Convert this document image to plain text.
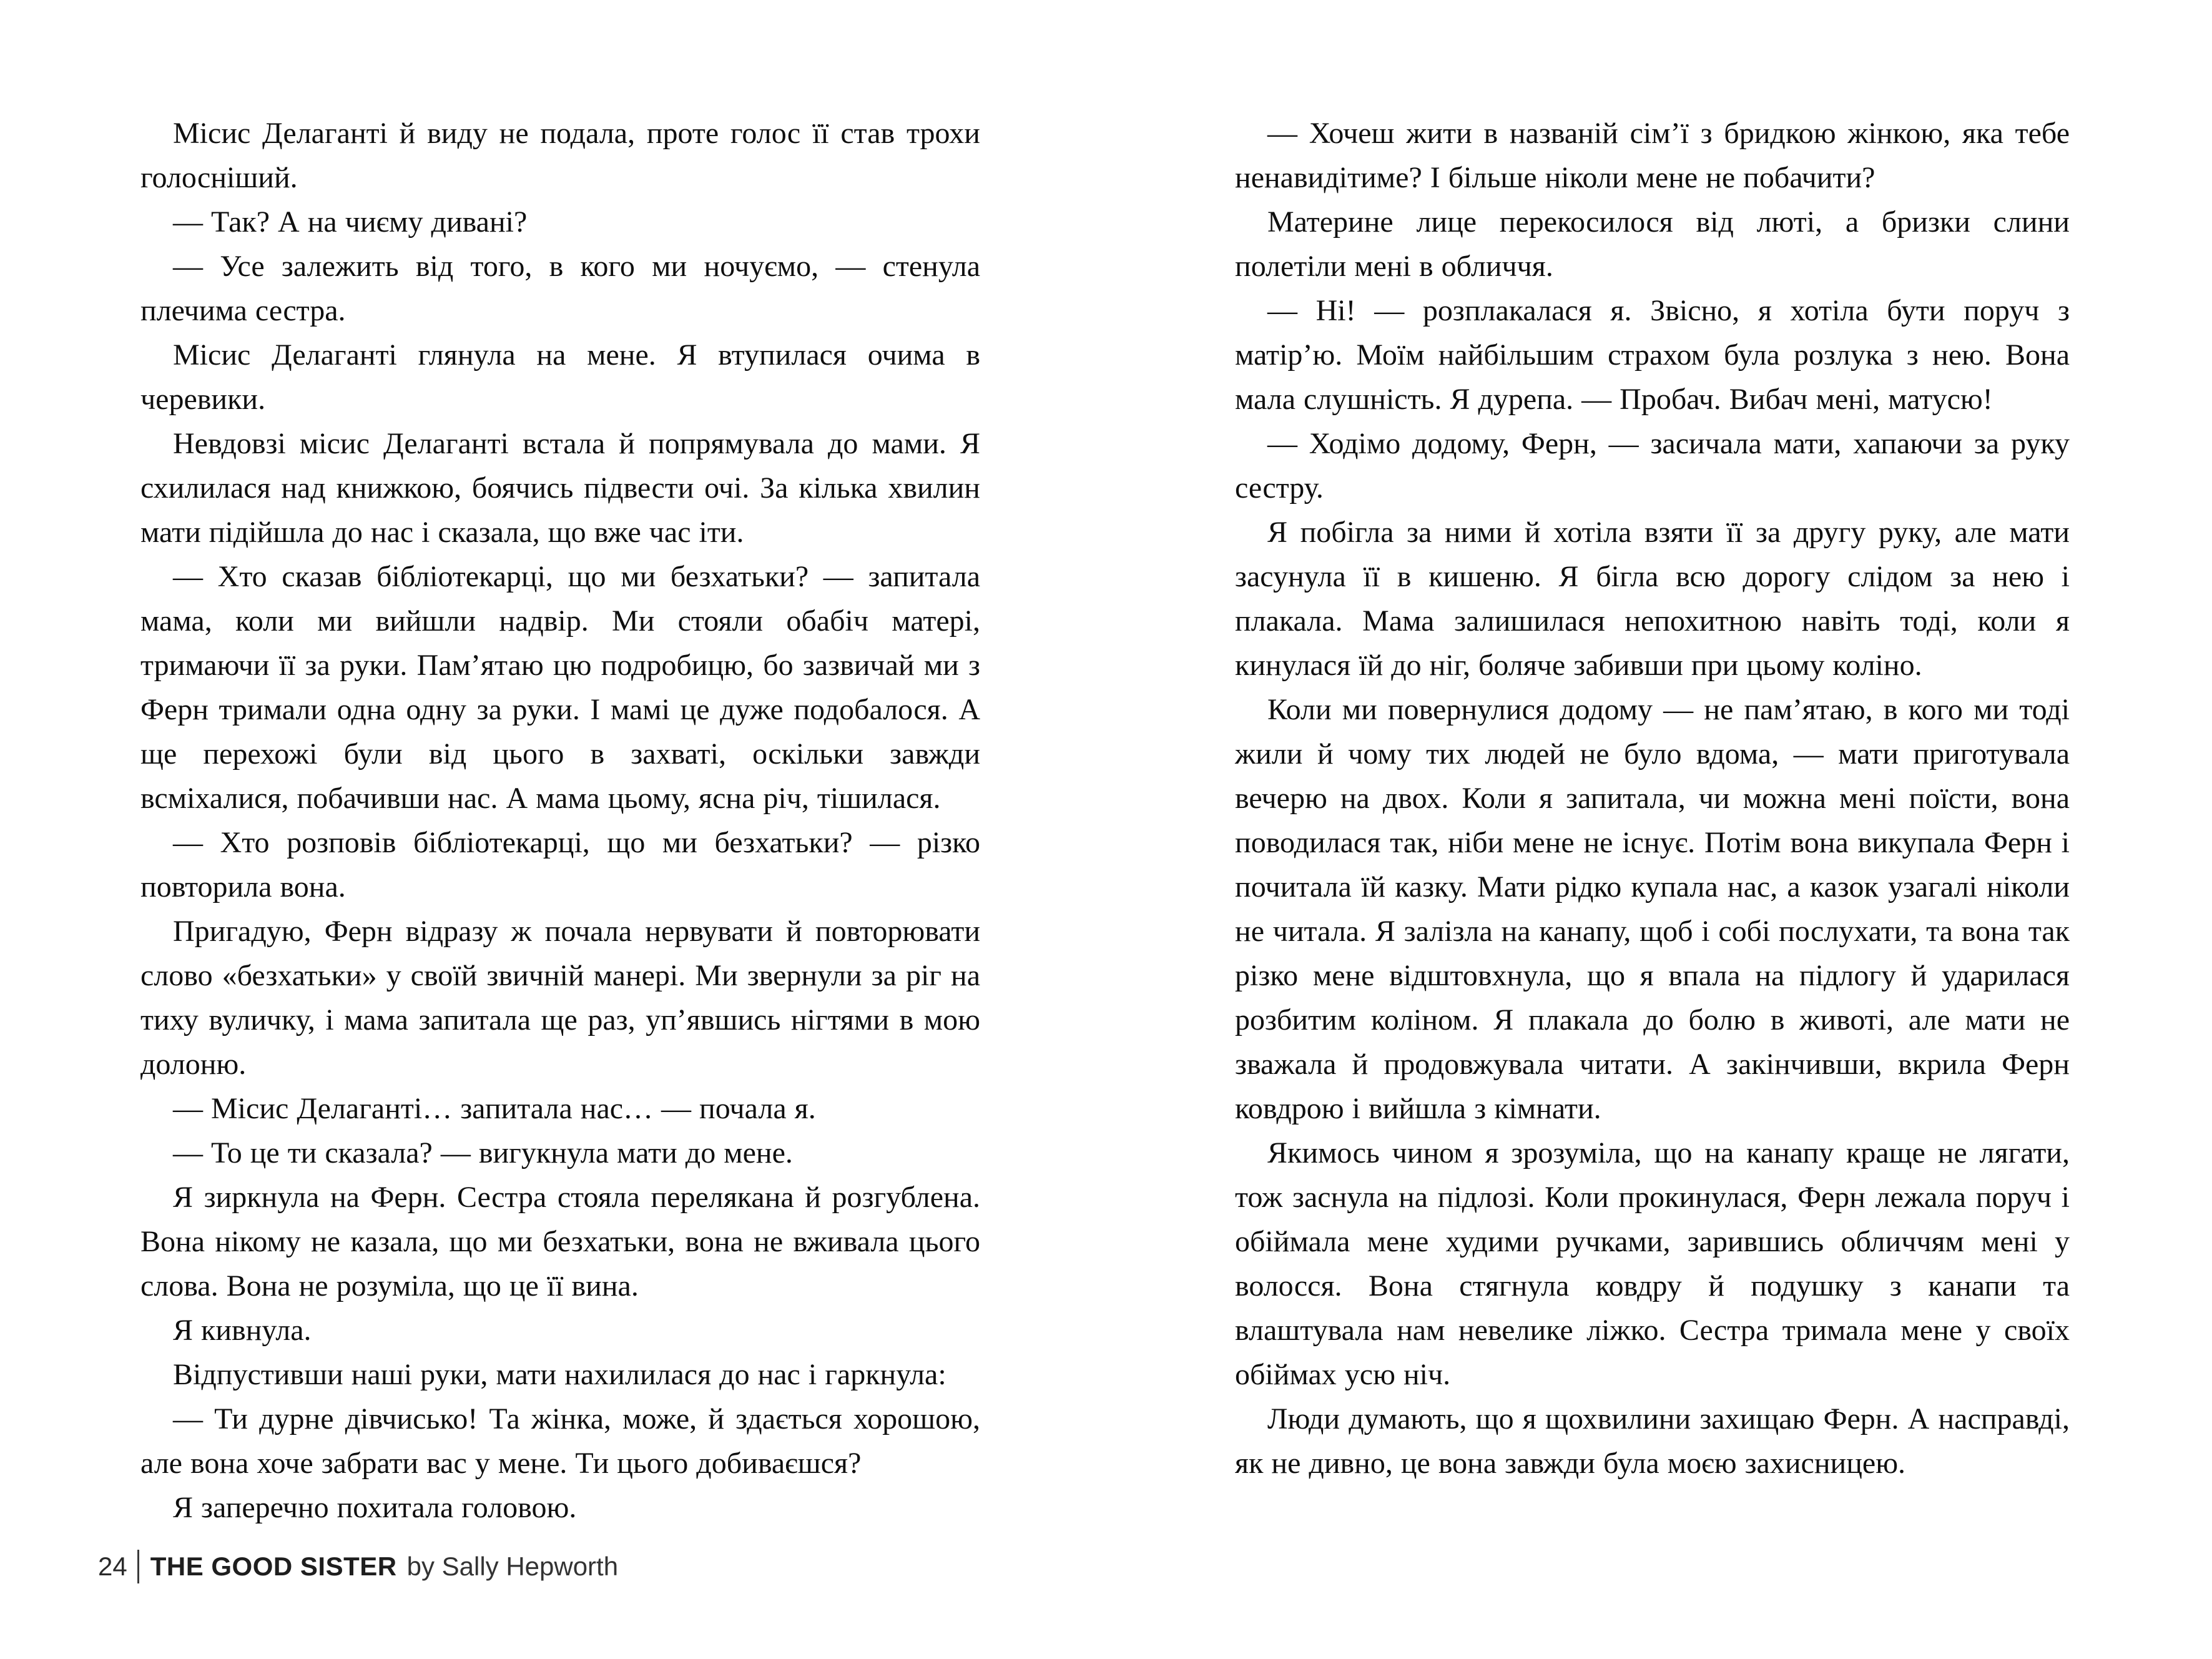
Місис Делаганті й виду не подала, проте голос її став трохи голосніший.

— Так? А на чиєму дивані?

— Усе залежить від того, в кого ми ночуємо, — стенула плечима сестра.

Місис Делаганті глянула на мене. Я втупилася очима в черевики.

Невдовзі місис Делаганті встала й попрямувала до мами. Я схилилася над книжкою, боячись підвести очі. За кілька хвилин мати підійшла до нас і сказала, що вже час іти.

— Хто сказав бібліотекарці, що ми безхатьки? — запитала мама, коли ми вийшли надвір. Ми стояли обабіч матері, тримаючи її за руки. Пам’ятаю цю подробицю, бо зазвичай ми з Ферн тримали одна одну за руки. І мамі це дуже подобалося. А ще перехожі були від цього в захваті, оскільки завжди всміхалися, побачивши нас. А мама цьому, ясна річ, тішилася.

— Хто розповів бібліотекарці, що ми безхатьки? — різко повторила вона.

Пригадую, Ферн відразу ж почала нервувати й повторювати слово «безхатьки» у своїй звичній манері. Ми звернули за ріг на тиху вуличку, і мама запитала ще раз, уп’явшись нігтями в мою долоню.

— Місис Делаганті… запитала нас… — почала я.

— То це ти сказала? — вигукнула мати до мене.

Я зиркнула на Ферн. Сестра стояла перелякана й розгублена. Вона нікому не казала, що ми безхатьки, вона не вживала цього слова. Вона не розуміла, що це її вина.

Я кивнула.

Відпустивши наші руки, мати нахилилася до нас і гаркнула:

— Ти дурне дівчисько! Та жінка, може, й здається хорошою, але вона хоче забрати вас у мене. Ти цього добиваєшся?

Я заперечно похитала головою.

— Хочеш жити в названій сім’ї з бридкою жінкою, яка тебе ненавидітиме? І більше ніколи мене не побачити?

Материне лице перекосилося від люті, а бризки слини полетіли мені в обличчя.

— Ні! — розплакалася я. Звісно, я хотіла бути поруч з матір’ю. Моїм найбільшим страхом була розлука з нею. Вона мала слушність. Я дурепа. — Пробач. Вибач мені, матусю!

— Ходімо додому, Ферн, — засичала мати, хапаючи за руку сестру.

Я побігла за ними й хотіла взяти її за другу руку, але мати засунула її в кишеню. Я бігла всю дорогу слідом за нею і плакала. Мама залишилася непохитною навіть тоді, коли я кинулася їй до ніг, боляче забивши при цьому коліно.

Коли ми повернулися додому — не пам’ятаю, в кого ми тоді жили й чому тих людей не було вдома, — мати приготувала вечерю на двох. Коли я запитала, чи можна мені поїсти, вона поводилася так, ніби мене не існує. Потім вона викупала Ферн і почитала їй казку. Мати рідко купала нас, а казок узагалі ніколи не читала. Я залізла на канапу, щоб і собі послухати, та вона так різко мене відштовхнула, що я впала на підлогу й ударилася розбитим коліном. Я плакала до болю в животі, але мати не зважала й продовжувала читати. А закінчивши, вкрила Ферн ковдрою і вийшла з кімнати.

Якимось чином я зрозуміла, що на канапу краще не лягати, тож заснула на підлозі. Коли прокинулася, Ферн лежала поруч і обіймала мене худими ручками, зарившись обличчям мені у волосся. Вона стягнула ковдру й подушку з канапи та влаштувала нам невелике ліжко. Сестра тримала мене у своїх обіймах усю ніч.

Люди думають, що я щохвилини захищаю Ферн. А насправді, як не дивно, це вона завжди була моєю захисницею.

24 THE GOOD SISTER by Sally Hepworth
